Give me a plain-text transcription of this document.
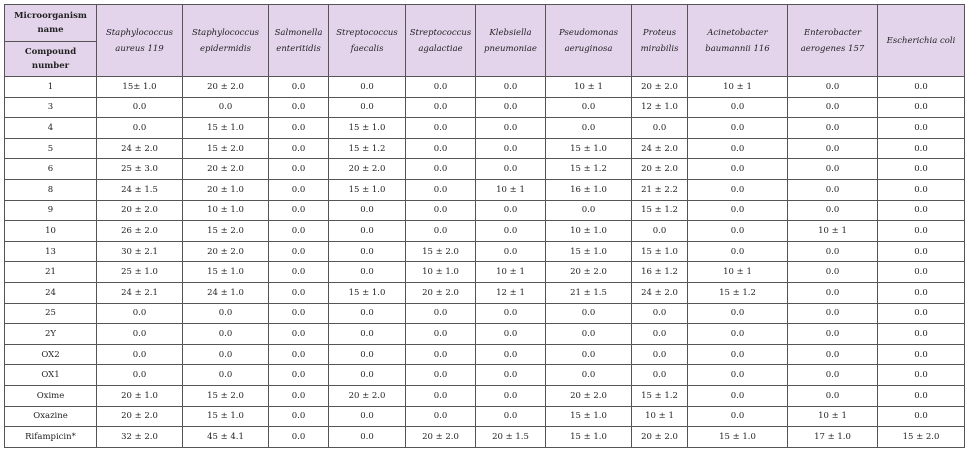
Microorganism name
Compound number	Staphylococcus aureus 119	Staphylococcus epidermidis	Salmonella enteritidis	Streptococcus faecalis	Streptococcus agalactiae	Klebsiella pneumoniae	Pseudomonas aeruginosa	Proteus mirabilis	Acinetobacter baumannii 116	Enterobacter aerogenes 157	Escherichia coli

1	15± 1.0	20 ± 2.0	0.0	0.0	0.0	0.0	10 ± 1	20 ± 2.0	10 ± 1	0.0	0.0
3	0.0	0.0	0.0	0.0	0.0	0.0	0.0	12 ± 1.0	0.0	0.0	0.0
4	0.0	15 ± 1.0	0.0	15 ± 1.0	0.0	0.0	0.0	0.0	0.0	0.0	0.0
5	24 ± 2.0	15 ± 2.0	0.0	15 ± 1.2	0.0	0.0	15 ± 1.0	24 ± 2.0	0.0	0.0	0.0
6	25 ± 3.0	20 ± 2.0	0.0	20 ± 2.0	0.0	0.0	15 ± 1.2	20 ± 2.0	0.0	0.0	0.0
8	24 ± 1.5	20 ± 1.0	0.0	15 ± 1.0	0.0	10 ± 1	16 ± 1.0	21 ± 2.2	0.0	0.0	0.0
9	20 ± 2.0	10 ± 1.0	0.0	0.0	0.0	0.0	0.0	15 ± 1.2	0.0	0.0	0.0
10	26 ± 2.0	15 ± 2.0	0.0	0.0	0.0	0.0	10 ± 1.0	0.0	0.0	10 ± 1	0.0
13	30 ± 2.1	20 ± 2.0	0.0	0.0	15 ± 2.0	0.0	15 ± 1.0	15 ± 1.0	0.0	0.0	0.0
21	25 ± 1.0	15 ± 1.0	0.0	0.0	10 ± 1.0	10 ± 1	20 ± 2.0	16 ± 1.2	10 ± 1	0.0	0.0
24	24 ± 2.1	24 ± 1.0	0.0	15 ± 1.0	20 ± 2.0	12 ± 1	21 ± 1.5	24 ± 2.0	15 ± 1.2	0.0	0.0
25	0.0	0.0	0.0	0.0	0.0	0.0	0.0	0.0	0.0	0.0	0.0
2Y	0.0	0.0	0.0	0.0	0.0	0.0	0.0	0.0	0.0	0.0	0.0
OX2	0.0	0.0	0.0	0.0	0.0	0.0	0.0	0.0	0.0	0.0	0.0
OX1	0.0	0.0	0.0	0.0	0.0	0.0	0.0	0.0	0.0	0.0	0.0
Oxime	20 ± 1.0	15 ± 2.0	0.0	20 ± 2.0	0.0	0.0	20 ± 2.0	15 ± 1.2	0.0	0.0	0.0
Oxazine	20 ± 2.0	15 ± 1.0	0.0	0.0	0.0	0.0	15 ± 1.0	10 ± 1	0.0	10 ± 1	0.0
Rifampicin*	32 ± 2.0	45 ± 4.1	0.0	0.0	20 ± 2.0	20 ± 1.5	15 ± 1.0	20 ± 2.0	15 ± 1.0	17 ± 1.0	15 ± 2.0
